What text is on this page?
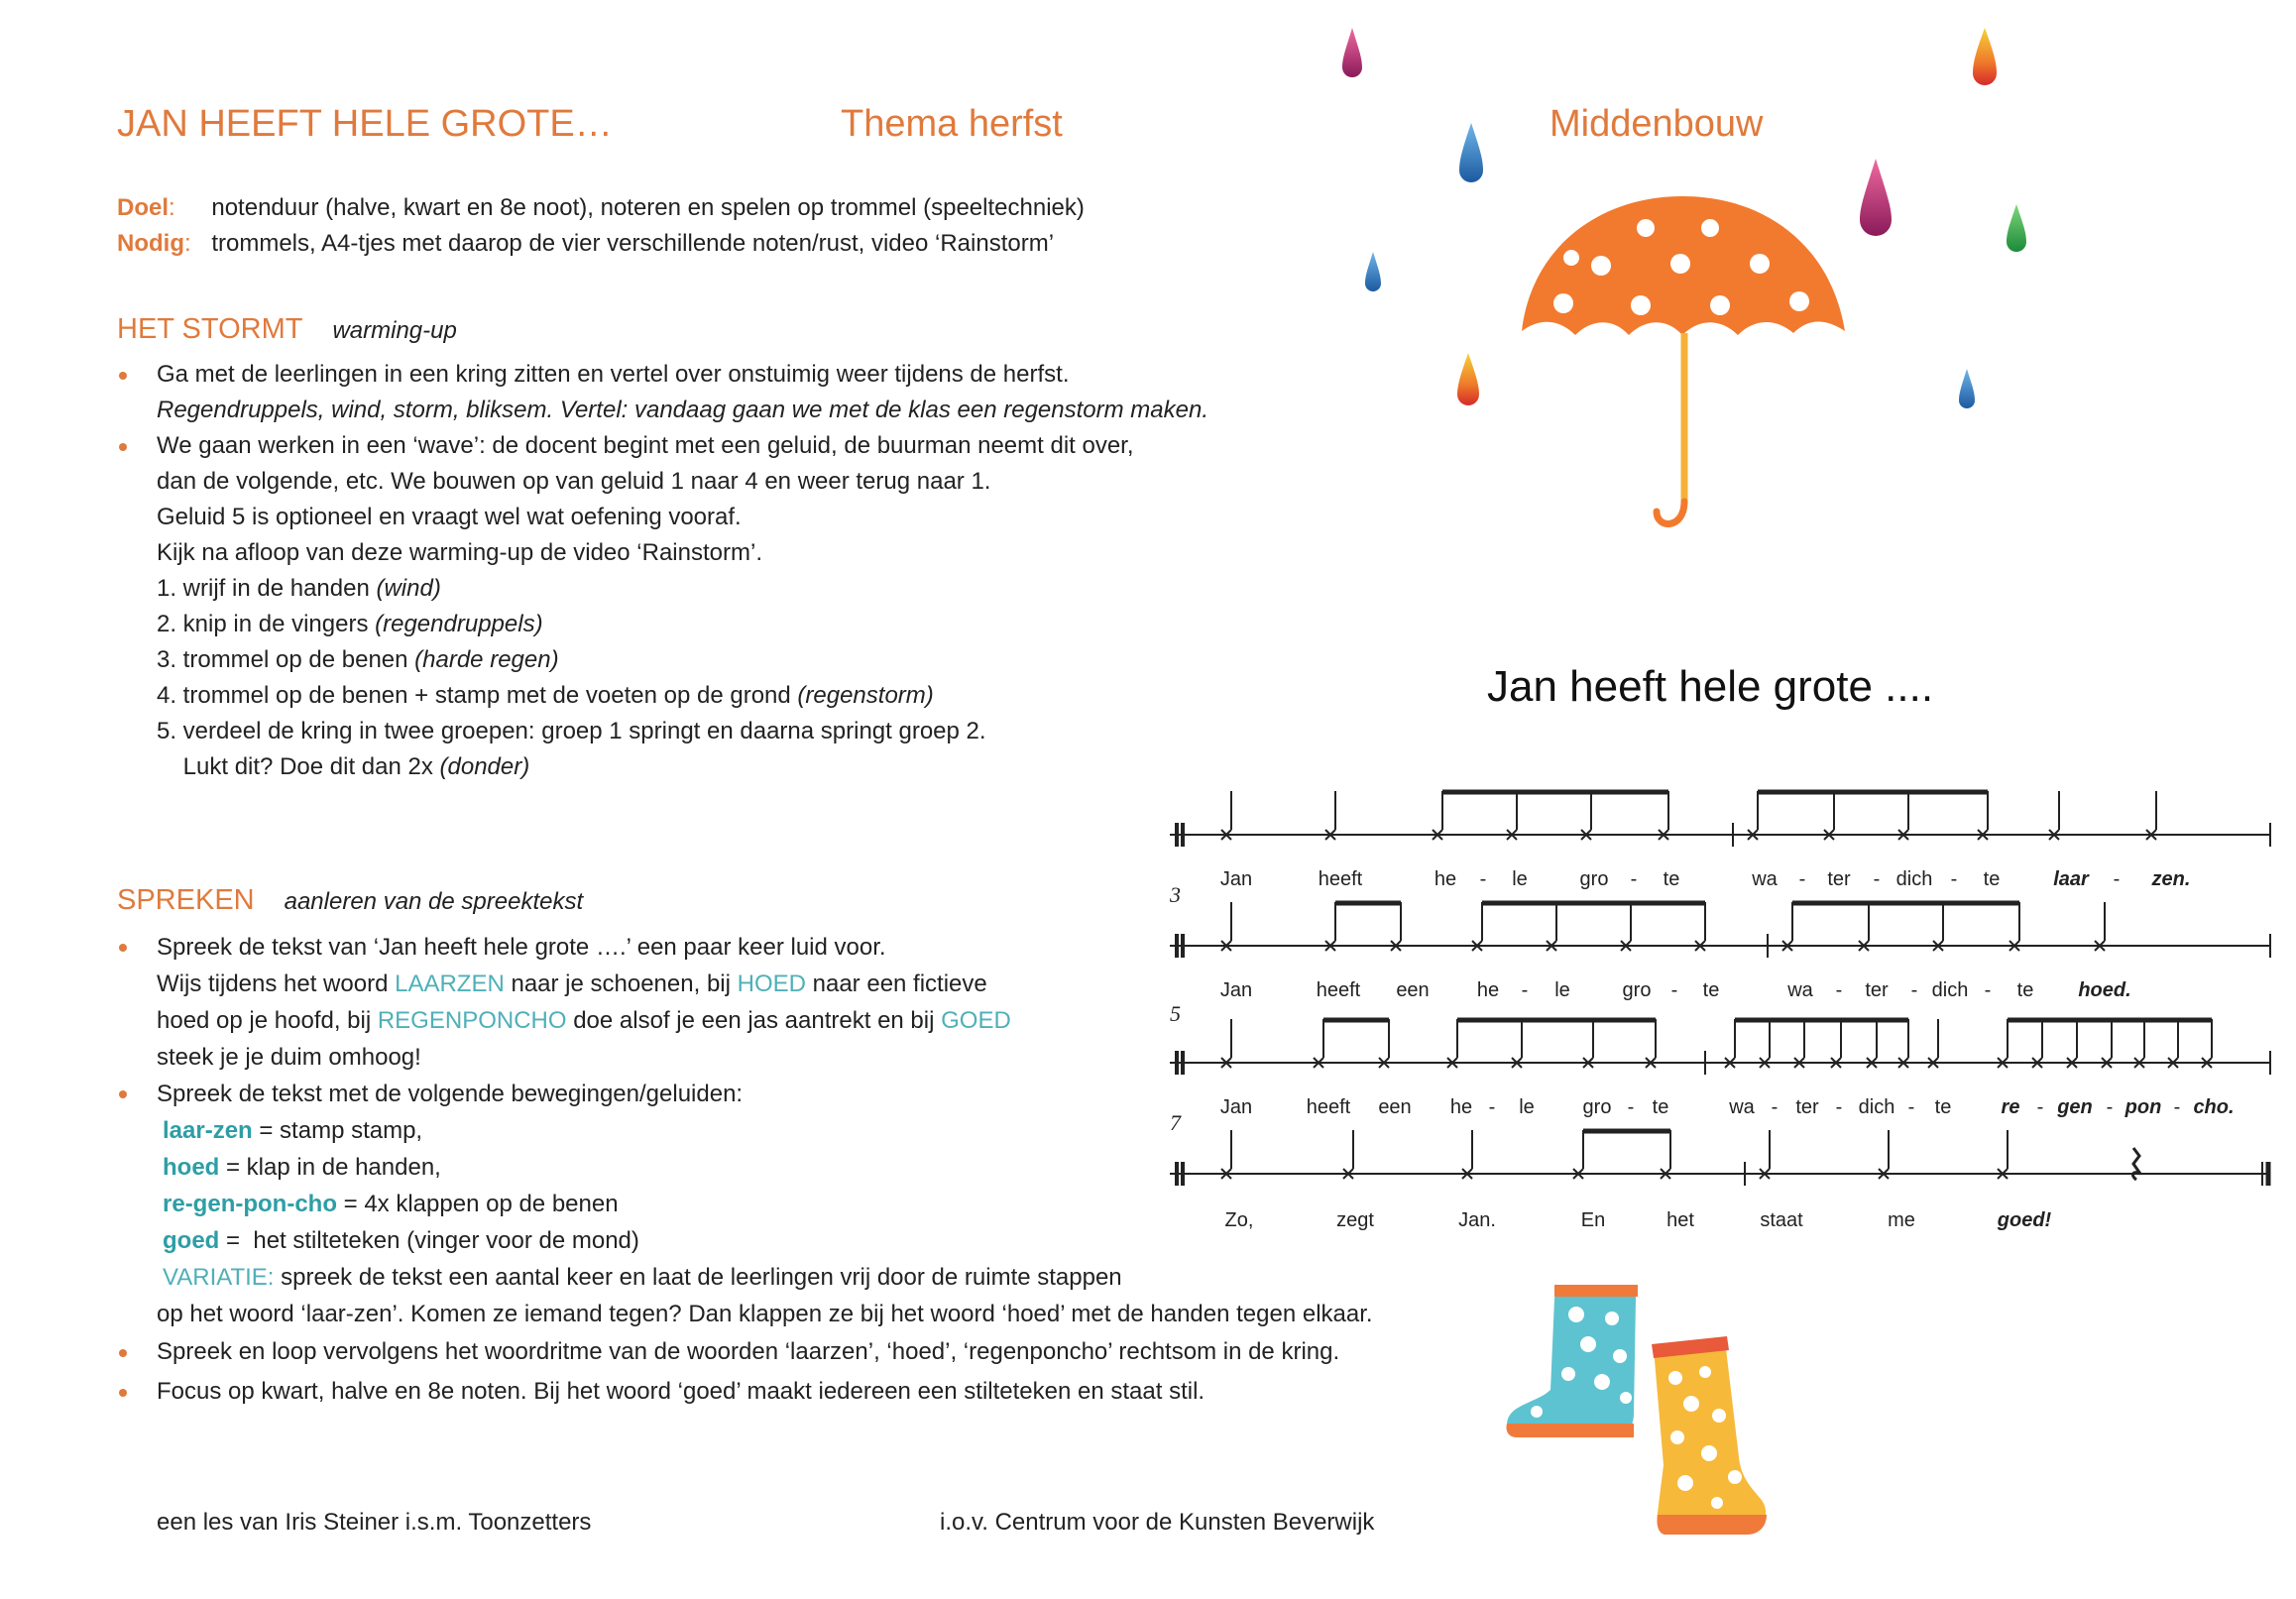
JAN HEEFT HELE GROTE…	Thema herfst	Middenbouw
Doel: notenduur (halve, kwart en 8e noot), noteren en spelen op trommel (speeltechniek)
Nodig: trommels, A4-tjes met daarop de vier verschillende noten/rust, video ‘Rainstorm’
HET STORMT warming-up
Ga met de leerlingen in een kring zitten en vertel over onstuimig weer tijdens de herfst.
Regendruppels, wind, storm, bliksem. Vertel: vandaag gaan we met de klas een regenstorm maken.
We gaan werken in een ‘wave’: de docent begint met een geluid, de buurman neemt dit over,
dan de volgende, etc. We bouwen op van geluid 1 naar 4 en weer terug naar 1.
Geluid 5 is optioneel en vraagt wel wat oefening vooraf.
Kijk na afloop van deze warming-up de video ‘Rainstorm’.
1. wrijf in de handen (wind)
2. knip in de vingers (regendruppels)
3. trommel op de benen (harde regen)
4. trommel op de benen + stamp met de voeten op de grond (regenstorm)
5. verdeel de kring in twee groepen: groep 1 springt en daarna springt groep 2.
Lukt dit? Doe dit dan 2x (donder)
SPREKEN aanleren van de spreektekst
Spreek de tekst van ‘Jan heeft hele grote ….’ een paar keer luid voor.
Wijs tijdens het woord LAARZEN naar je schoenen, bij HOED naar een fictieve
hoed op je hoofd, bij REGENPONCHO doe alsof je een jas aantrekt en bij GOED
steek je je duim omhoog!
Spreek de tekst met de volgende bewegingen/geluiden:
laar-zen = stamp stamp,
hoed = klap in de handen,
re-gen-pon-cho = 4x klappen op de benen
goed =  het stilteteken (vinger voor de mond)
VARIATIE: spreek de tekst een aantal keer en laat de leerlingen vrij door de ruimte stappen
op het woord ‘laar-zen’. Komen ze iemand tegen? Dan klappen ze bij het woord ‘hoed’ met de handen tegen elkaar.
Spreek en loop vervolgens het woordritme van de woorden ‘laarzen’, ‘hoed’, ‘regenponcho’ rechtsom in de kring.
Focus op kwart, halve en 8e noten. Bij het woord ‘goed’ maakt iedereen een stilteteken en staat stil.
een les van Iris Steiner i.s.m. Toonzetters	i.o.v. Centrum voor de Kunsten Beverwijk
Jan heeft hele grote ....
3
5
7
Jan	heeft	he - le	gro - te	wa - ter - dich - te	laar - zen.
Jan	heeft een he - le	gro - te	wa - ter - dich - te hoed.
Jan	heeft een he - le gro - te	wa - ter - dich - te	re - gen - pon - cho.
Zo,	zegt	Jan.	En	het	staat	me	goed!
